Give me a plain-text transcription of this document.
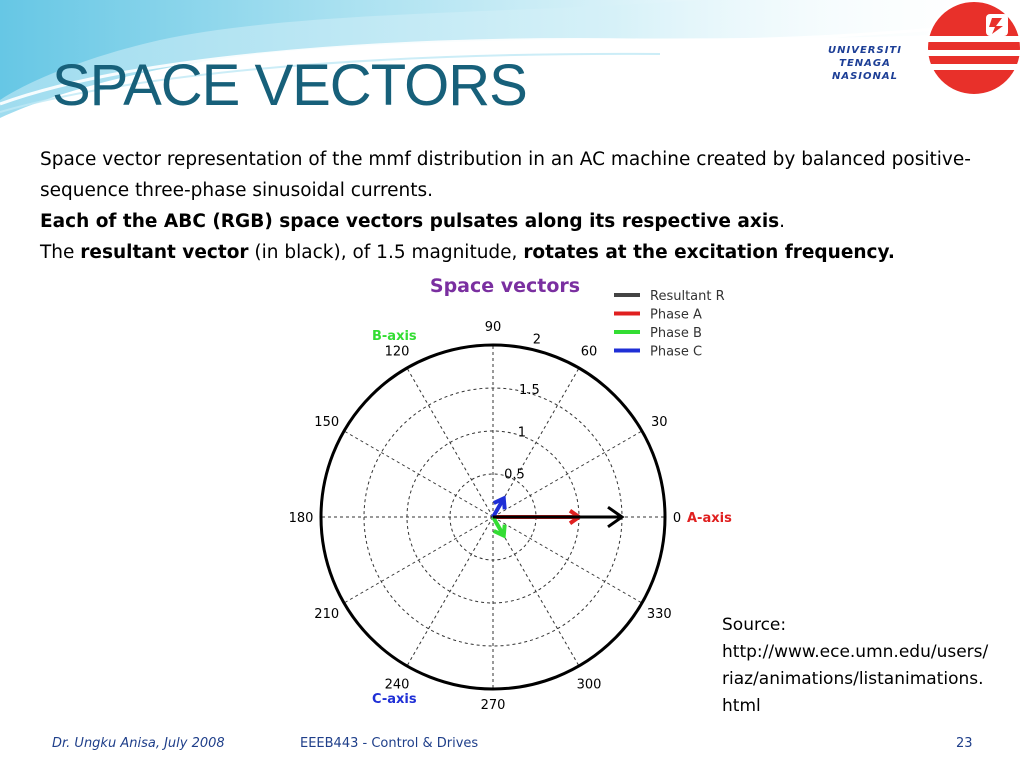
SPACE VECTORS
UNIVERSITI
TENAGA
NASIONAL

Space vector representation of the mmf distribution in an AC machine created by balanced positive-sequence three-phase sinusoidal currents.

Each of the ABC (RGB) space vectors pulsates along its respective axis.

The resultant vector (in black), of 1.5 magnitude, rotates at the excitation frequency.

Space vectors
0
30
60
90
120
150
180
210
240
270
300
330
0.5
1
1.5
2
A-axis
B-axis
C-axis
Resultant R
Phase A
Phase B
Phase C
Source:
http://www.ece.umn.edu/users/riaz/animations/listanimations.html
Dr. Ungku Anisa, July 2008	EEEB443 - Control & Drives	23
